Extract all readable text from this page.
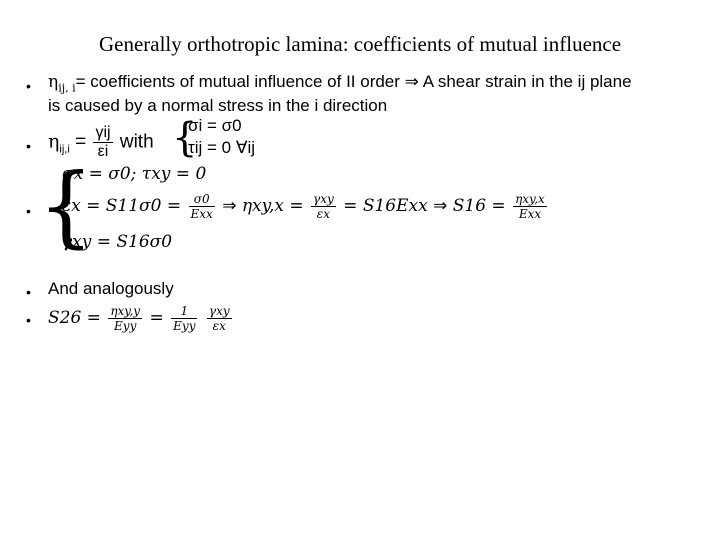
Generally orthotropic lamina: coefficients of mutual influence
•
•
•
•
•
$\eta_{ij, i}=$ coefficients of mutual influence of II order ⇒ A shear strain in the ij plane
is caused by a normal stress in the i direction
$\eta_{ij,i} = \frac{\text{γij}}{\varepsilon i}$ with {
σi = σ0
τij = 0 ∀ij
{
σx = σ0; τxy = 0
$\varepsilon x = S11\sigma 0 = \frac{\sigma 0}{\text{Exx}}$ ⇒ $\eta xy,x = \frac{\text{γxy}}{\varepsilon x} = S16Exx$ ⇒ $S16 = \frac{\text{ηxy,x}}{\text{Exx}}$
γxy = S16σ0
And analogously
$S26 = \frac{\text{ηxy,y}}{\text{Eyy}} = \frac{1}{\text{Eyy}}$
$\frac{\text{γxy}}{\varepsilon x}$
